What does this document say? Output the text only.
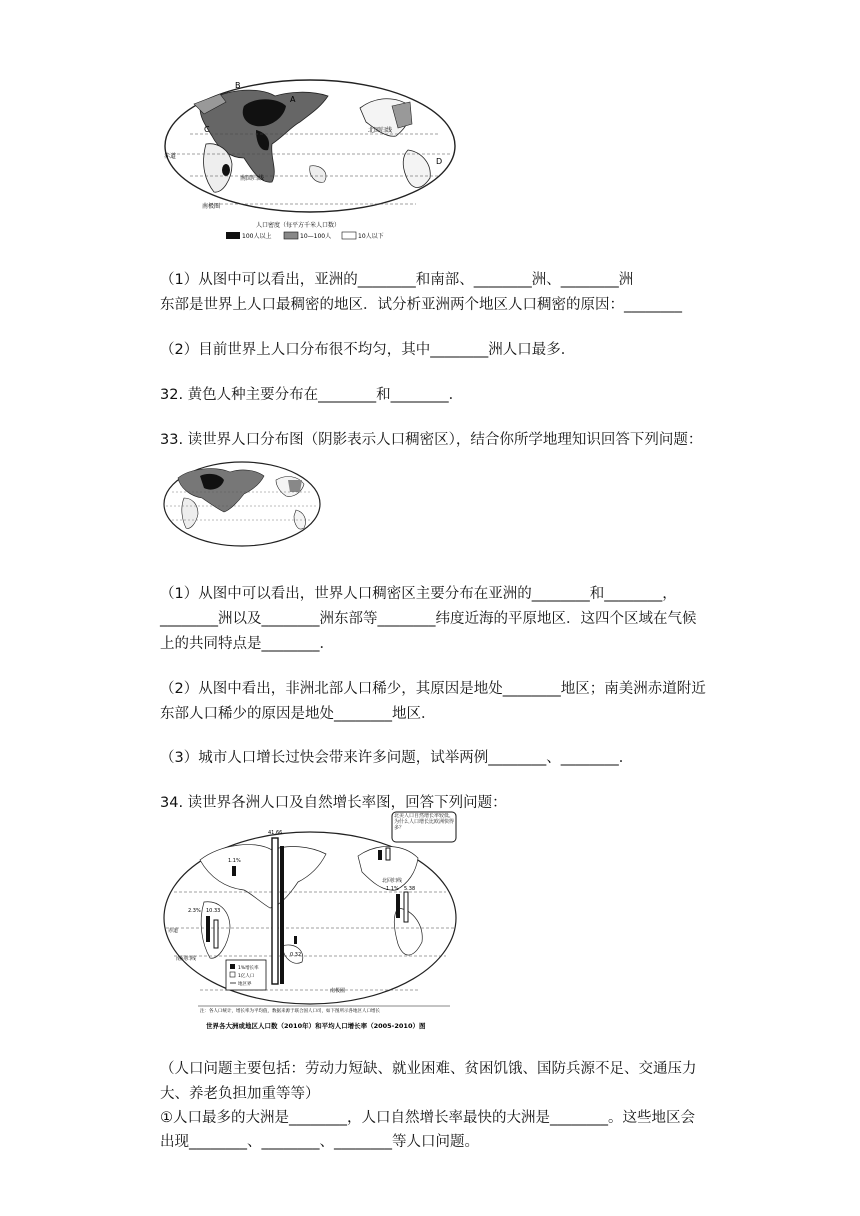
A
B
C
D
北回归线
赤道
南回归线
南极圈
人口密度（每平方千米人口数）
100人以上	10—100人	10人以下
（1）从图中可以看出，亚洲的________和南部、________洲、________洲
东部是世界上人口最稠密的地区．试分析亚洲两个地区人口稠密的原因：________
（2）目前世界上人口分布很不均匀，其中________洲人口最多．
32. 黄色人种主要分布在________和________．
33. 读世界人口分布图（阴影表示人口稠密区），结合你所学地理知识回答下列问题：
（1）从图中可以看出，世界人口稠密区主要分布在亚洲的________和________，
________洲以及________洲东部等________纬度近海的平原地区．这四个区域在气候
上的共同特点是________．
（2）从图中看出，非洲北部人口稀少，其原因是地处________地区；南美洲赤道附近
东部人口稀少的原因是地处________地区．
（3）城市人口增长过快会带来许多问题，试举两例________、________．
34. 读世界各洲人口及自然增长率图，回答下列问题：
41.66
1.1%
2.3% 10.33
0.32
1.1% 5.38
赤道
北回归线
南回归线
南极圈
北美人口自然增长率较低，为什么人口增长比欧洲快得多？
1%增长率
1亿人口
地区界
注：各人口统计，增长率为平均值，数据来源于联合国人口司，如下图所示各地区人口增长
世界各大洲或地区人口数（2010年）和平均人口增长率（2005-2010）图
（人口问题主要包括：劳动力短缺、就业困难、贫困饥饿、国防兵源不足、交通压力
大、养老负担加重等等）
①人口最多的大洲是________，人口自然增长率最快的大洲是________。这些地区会
出现________、________、________等人口问题。
